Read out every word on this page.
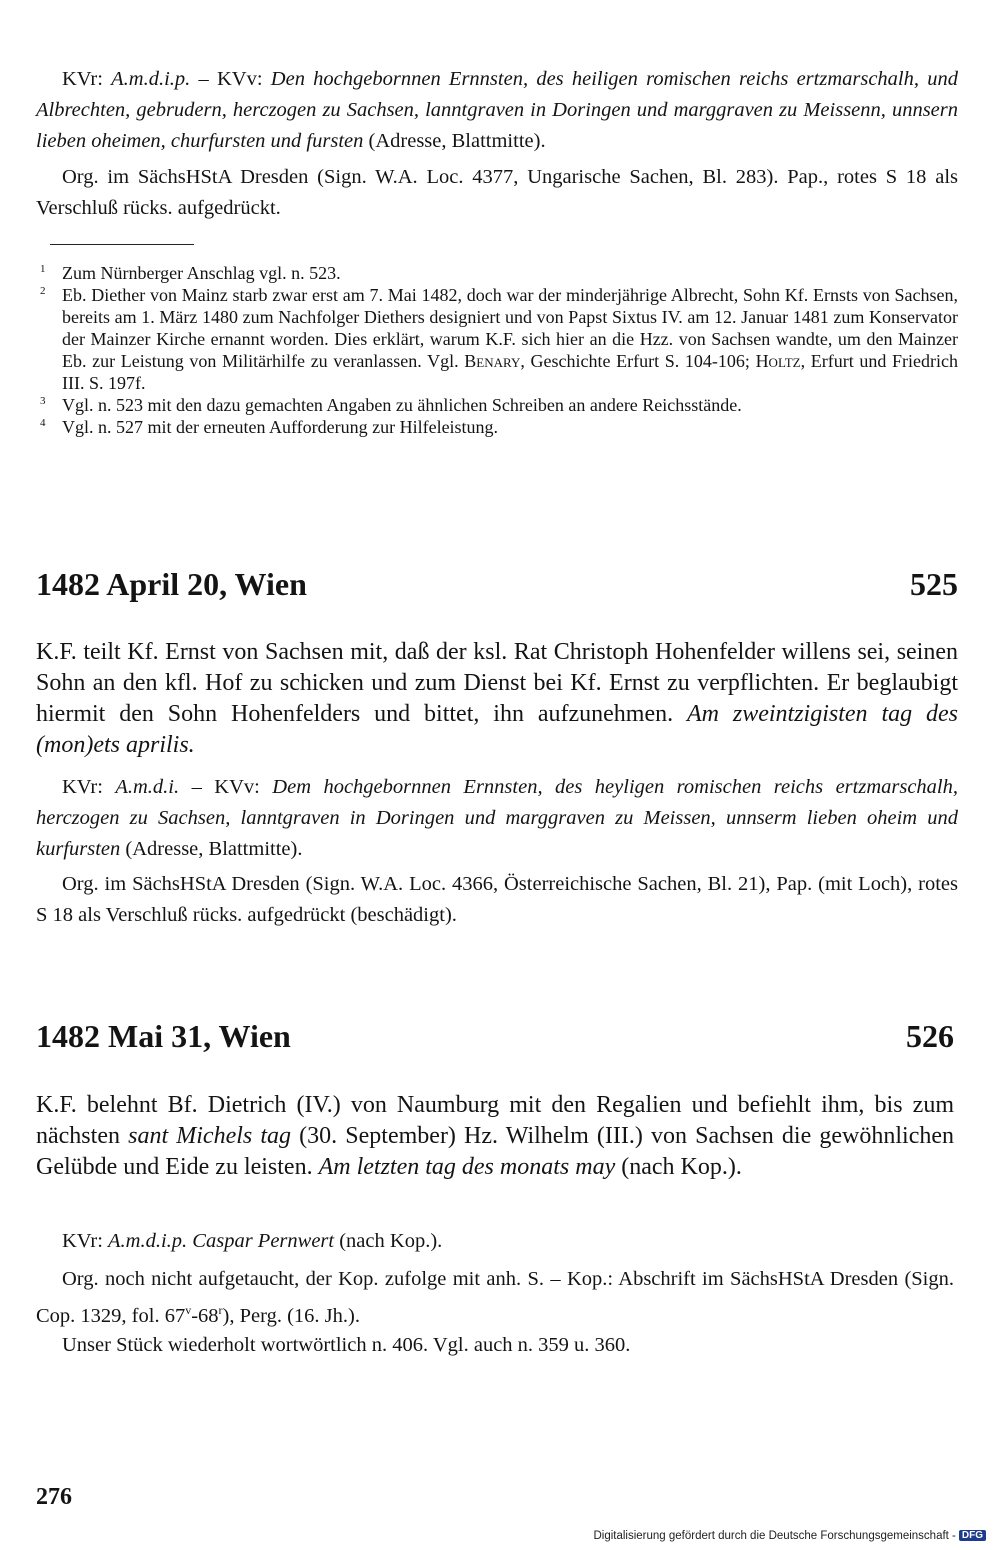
KVr: A.m.d.i.p. – KVv: Den hochgebornnen Ernnsten, des heiligen romischen reichs ertzmarschalh, und Albrechten, gebrudern, herczogen zu Sachsen, lanntgraven in Doringen und marggraven zu Meissenn, unnsern lieben oheimen, churfursten und fursten (Adresse, Blattmitte).
Org. im SächsHStA Dresden (Sign. W.A. Loc. 4377, Ungarische Sachen, Bl. 283). Pap., rotes S 18 als Verschluß rücks. aufgedrückt.
1 Zum Nürnberger Anschlag vgl. n. 523.
2 Eb. Diether von Mainz starb zwar erst am 7. Mai 1482, doch war der minderjährige Albrecht, Sohn Kf. Ernsts von Sachsen, bereits am 1. März 1480 zum Nachfolger Diethers designiert und von Papst Sixtus IV. am 12. Januar 1481 zum Konservator der Mainzer Kirche ernannt worden. Dies erklärt, warum K.F. sich hier an die Hzz. von Sachsen wandte, um den Mainzer Eb. zur Leistung von Militärhilfe zu veranlassen. Vgl. Benary, Geschichte Erfurt S. 104-106; Holtz, Erfurt und Friedrich III. S. 197f.
3 Vgl. n. 523 mit den dazu gemachten Angaben zu ähnlichen Schreiben an andere Reichsstände.
4 Vgl. n. 527 mit der erneuten Aufforderung zur Hilfeleistung.
1482 April 20, Wien	525
K.F. teilt Kf. Ernst von Sachsen mit, daß der ksl. Rat Christoph Hohenfelder willens sei, seinen Sohn an den kfl. Hof zu schicken und zum Dienst bei Kf. Ernst zu verpflichten. Er beglaubigt hiermit den Sohn Hohenfelders und bittet, ihn aufzunehmen. Am zweintzigisten tag des (mon)ets aprilis.
KVr: A.m.d.i. – KVv: Dem hochgebornnen Ernnsten, des heyligen romischen reichs ertzmarschalh, herczogen zu Sachsen, lanntgraven in Doringen und marggraven zu Meissen, unnserm lieben oheim und kurfursten (Adresse, Blattmitte).
Org. im SächsHStA Dresden (Sign. W.A. Loc. 4366, Österreichische Sachen, Bl. 21), Pap. (mit Loch), rotes S 18 als Verschluß rücks. aufgedrückt (beschädigt).
1482 Mai 31, Wien	526
K.F. belehnt Bf. Dietrich (IV.) von Naumburg mit den Regalien und befiehlt ihm, bis zum nächsten sant Michels tag (30. September) Hz. Wilhelm (III.) von Sachsen die gewöhnlichen Gelübde und Eide zu leisten. Am letzten tag des monats may (nach Kop.).
KVr: A.m.d.i.p. Caspar Pernwert (nach Kop.).
Org. noch nicht aufgetaucht, der Kop. zufolge mit anh. S. – Kop.: Abschrift im SächsHStA Dresden (Sign. Cop. 1329, fol. 67$^v$-68$^r$), Perg. (16. Jh.).
Unser Stück wiederholt wortwörtlich n. 406. Vgl. auch n. 359 u. 360.
276
Digitalisierung gefördert durch die Deutsche Forschungsgemeinschaft - DFG
